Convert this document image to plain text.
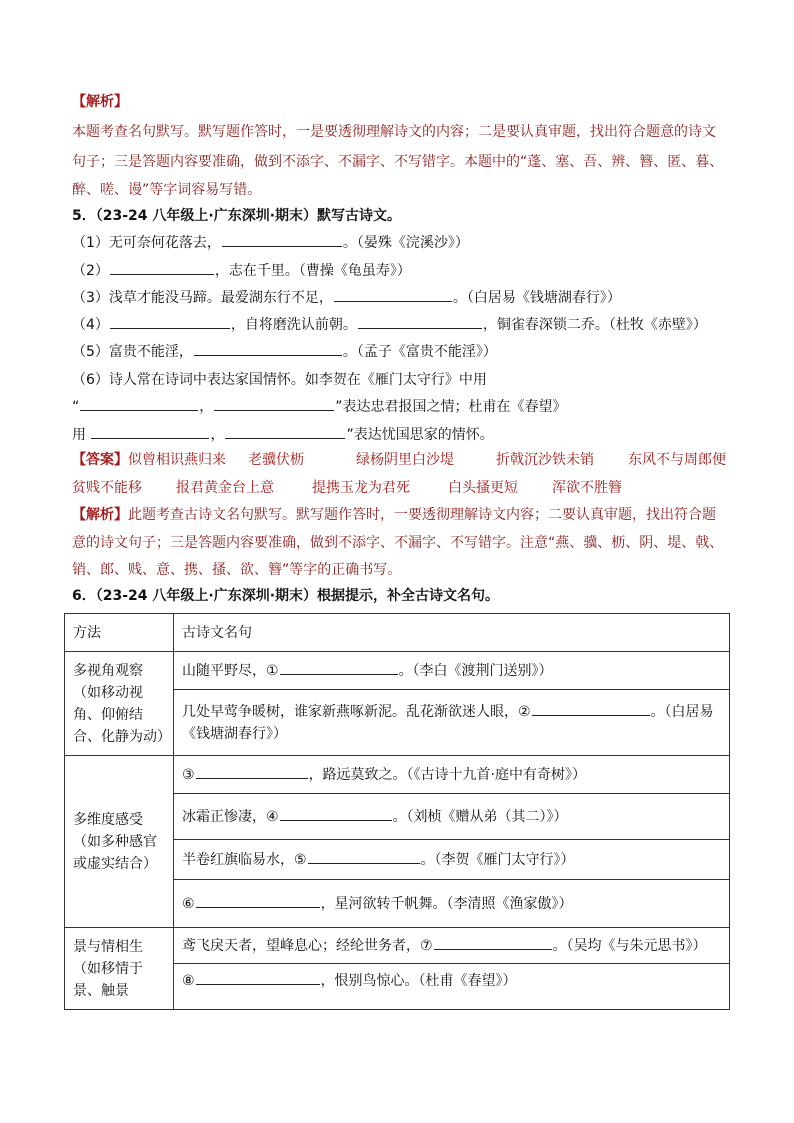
【解析】
本题考查名句默写。默写题作答时，一是要透彻理解诗文的内容；二是要认真审题，找出符合题意的诗文
句子；三是答题内容要准确，做到不添字、不漏字、不写错字。本题中的“蓬、塞、吾、辨、簪、匿、暮、
醉、嗟、谩”等字词容易写错。
5．（23-24 八年级上·广东深圳·期末）默写古诗文。
（1）无可奈何花落去，	。（晏殊《浣溪沙》）
（2）	，志在千里。（曹操《龟虽寿》）
（3）浅草才能没马蹄。最爱湖东行不足，	。（白居易《钱塘湖春行》）
（4）	，自将磨洗认前朝。	，铜雀春深锁二乔。（杜牧《赤壁》）
（5）富贵不能淫，	。（孟子《富贵不能淫》）
（6）诗人常在诗词中表达家国情怀。如李贺在《雁门太守行》中用
“	，	”表达忠君报国之情；杜甫在《春望》
用	，	”表达忧国思家的情怀。
【答案】似曾相识燕归来 老骥伏枥	绿杨阴里白沙堤	折戟沉沙铁未销 东风不与周郎便
贫贱不能移 报君黄金台上意	提携玉龙为君死	白头搔更短 浑欲不胜簪
【解析】此题考查古诗文名句默写。默写题作答时，一要透彻理解诗文内容；二要认真审题，找出符合题
意的诗文句子；三是答题内容要准确，做到不添字、不漏字、不写错字。注意“燕、骥、枥、阴、堤、戟、
销、郎、贱、意、携、搔、欲、簪”等字的正确书写。
6．（23-24 八年级上·广东深圳·期末）根据提示，补全古诗文名句。
方法	古诗文名句
多视角观察（如移动视角、仰俯结合、化静为动）	山随平野尽，① 。（李白《渡荆门送别》）
	几处早莺争暖树，谁家新燕啄新泥。乱花渐欲迷人眼，② 。（白居易
《钱塘湖春行》）
多维度感受（如多种感官或虚实结合）	③ ，路远莫致之。（《古诗十九首·庭中有奇树》）
	冰霜正惨凄，④ 。（刘桢《赠从弟（其二）》）
	半卷红旗临易水，⑤ 。（李贺《雁门太守行》）
	⑥ ，星河欲转千帆舞。（李清照《渔家傲》）
景与情相生（如移情于景、触景	鸢飞戾天者，望峰息心；经纶世务者，⑦ 。（吴均《与朱元思书》）
	⑧ ，恨别鸟惊心。（杜甫《春望》）
